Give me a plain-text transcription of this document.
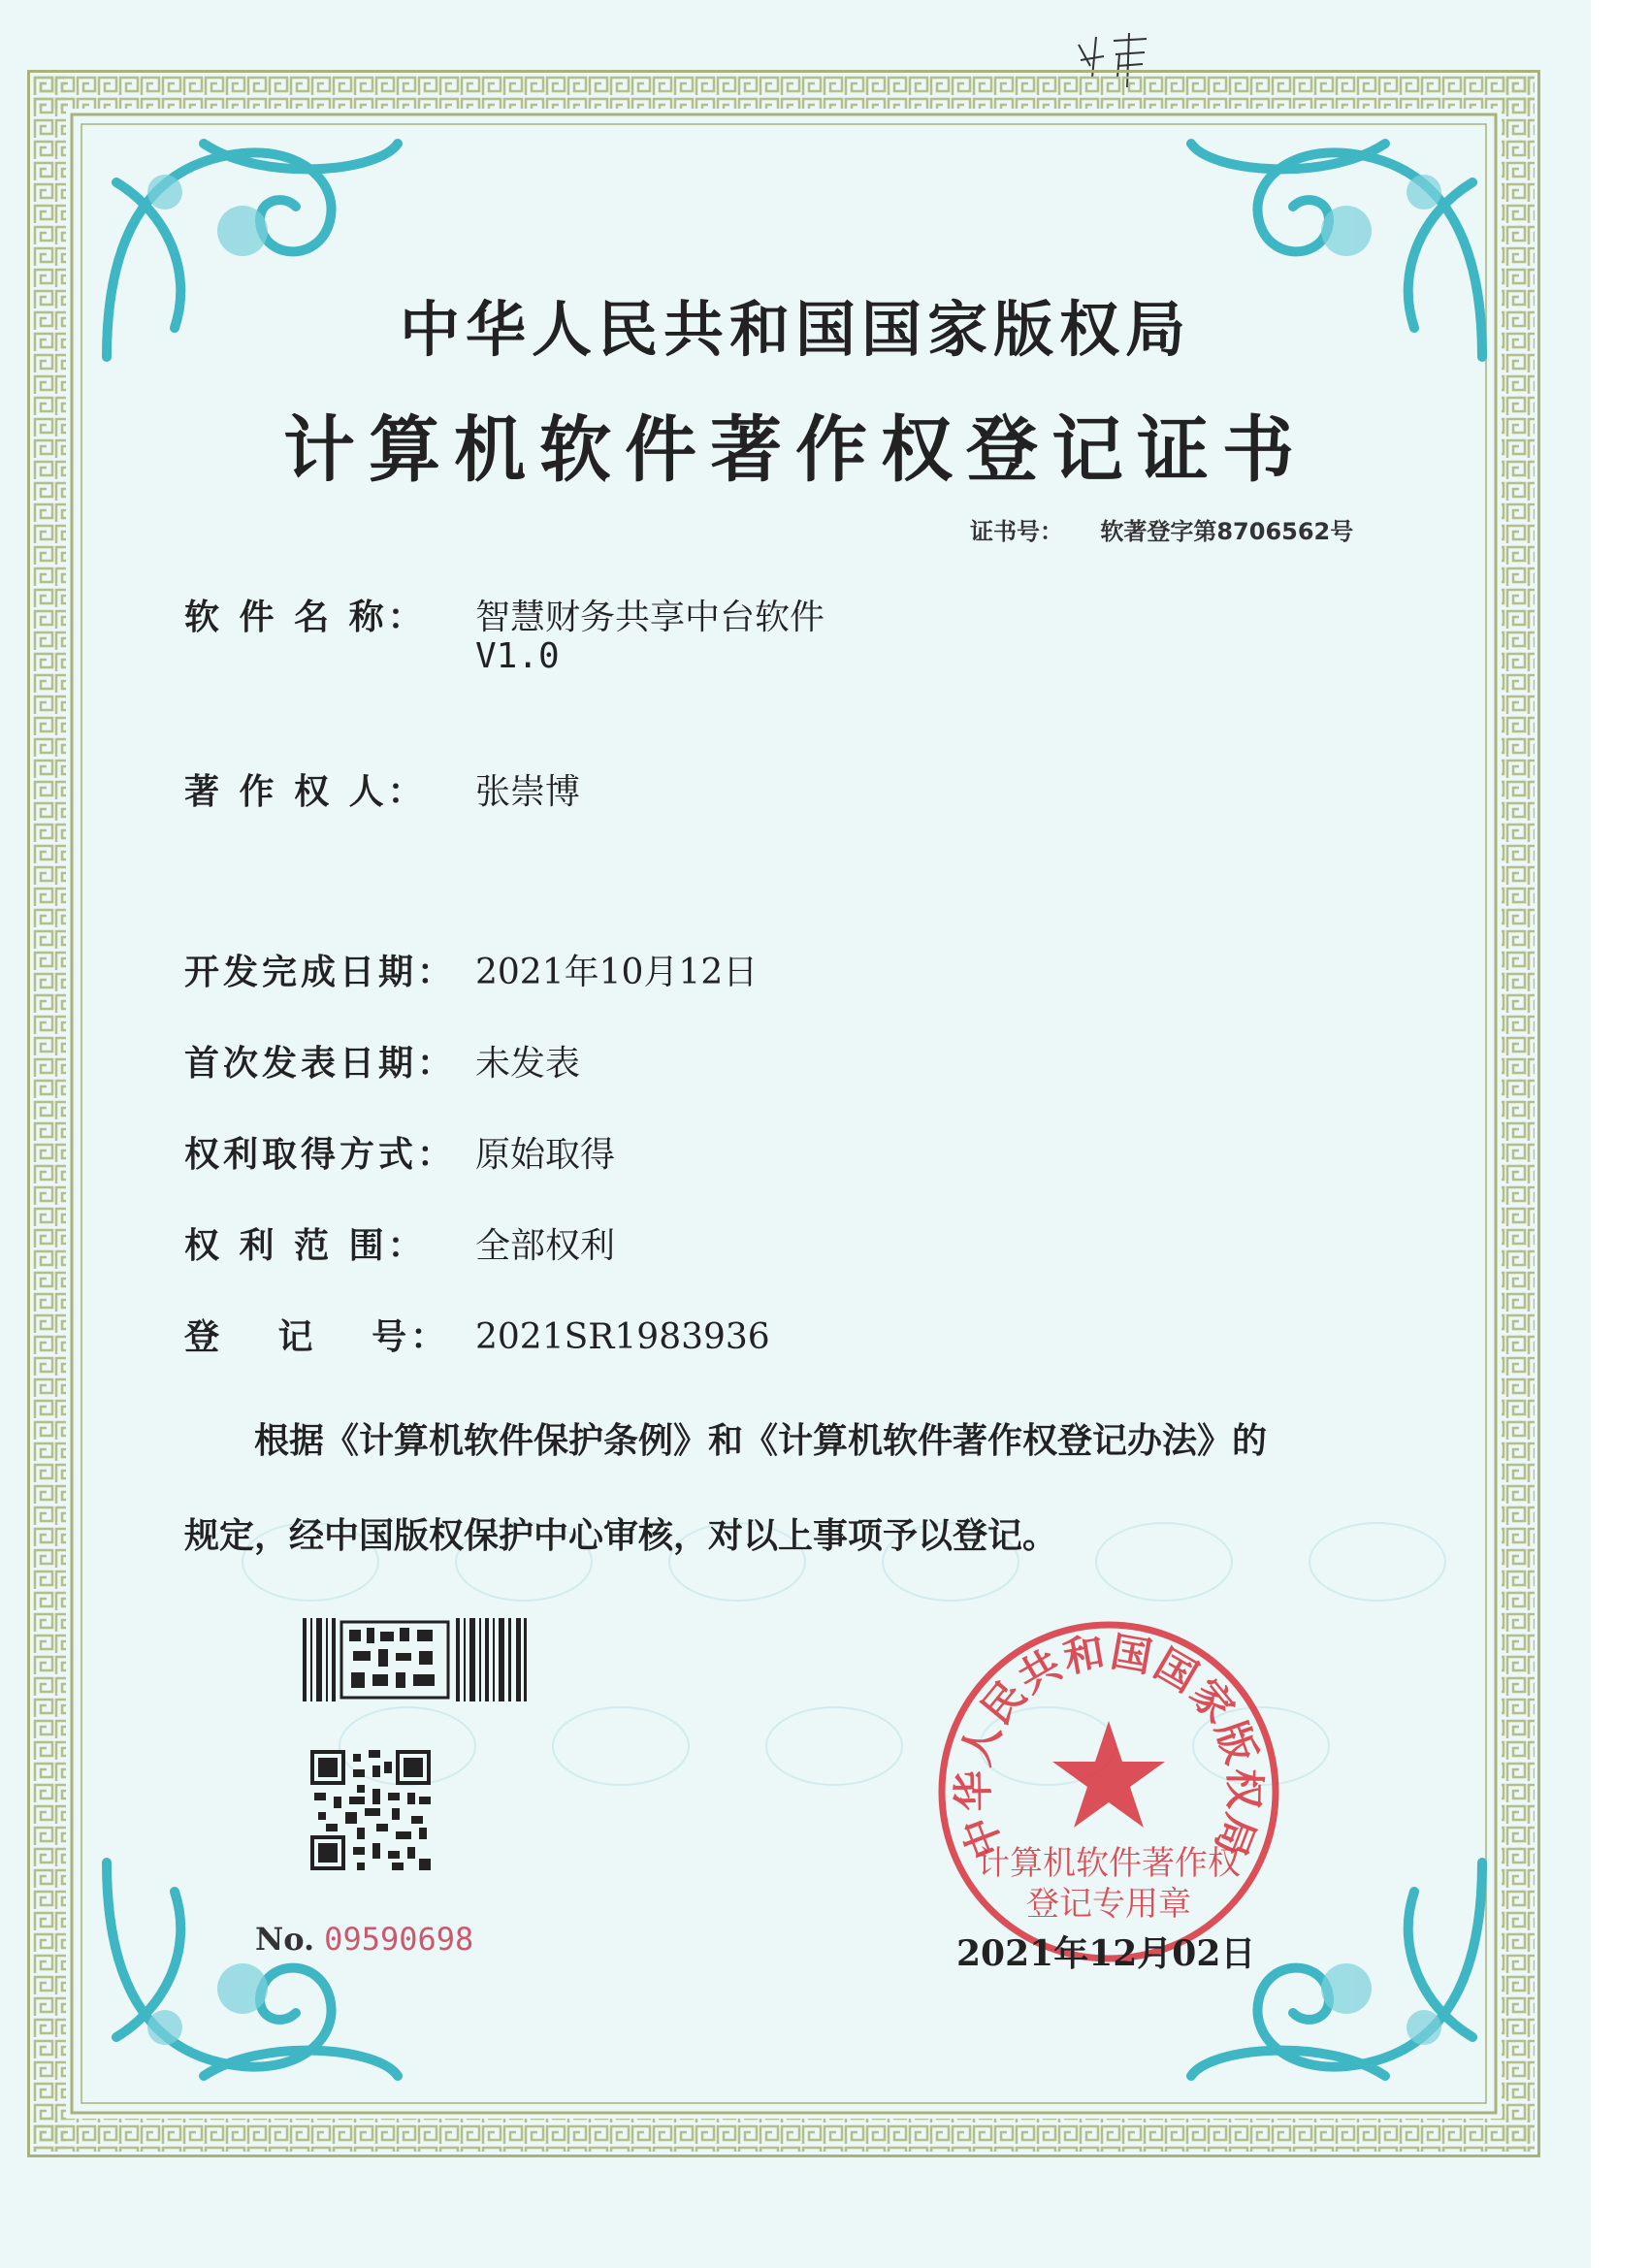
中华人民共和国国家版权局
计算机软件著作权登记证书
证书号： 软著登字第8706562号
软 件 名 称： 智慧财务共享中台软件
V1.0
著 作 权 人： 张崇博
开发完成日期： 2021年10月12日
首次发表日期： 未发表
权利取得方式： 原始取得
权 利 范 围： 全部权利
登　 记　 号： 2021SR1983936
根据《计算机软件保护条例》和《计算机软件著作权登记办法》的
规定，经中国版权保护中心审核，对以上事项予以登记。
No. 09590698
中华人民共和国国家版权局
计算机软件著作权
登记专用章
2021年12月02日
